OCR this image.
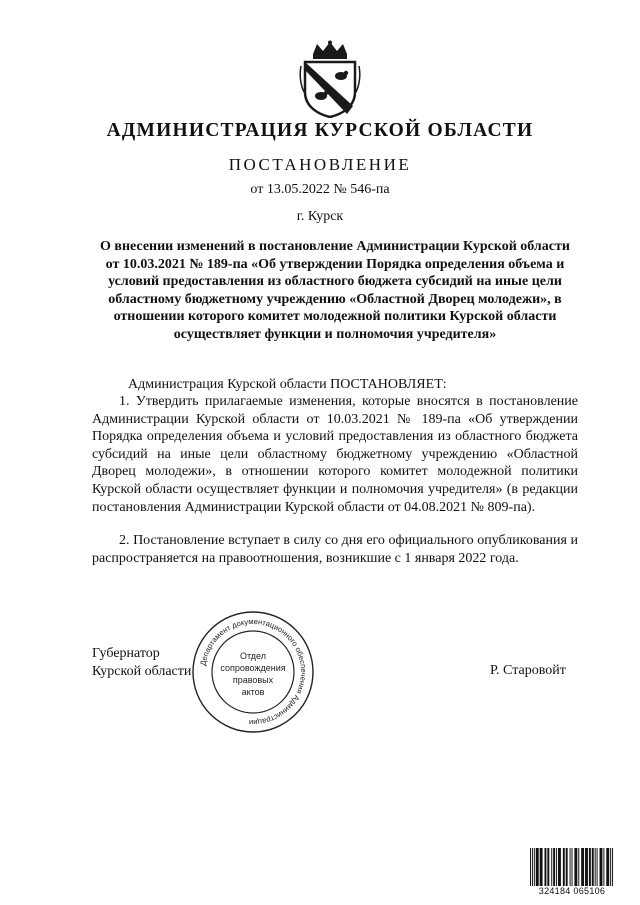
АДМИНИСТРАЦИЯ КУРСКОЙ ОБЛАСТИ
ПОСТАНОВЛЕНИЕ
от 13.05.2022 № 546-па
г. Курск
О внесении изменений в постановление Администрации Курской области от 10.03.2021 № 189-па «Об утверждении Порядка определения объема и условий предоставления из областного бюджета субсидий на иные цели областному бюджетному учреждению «Областной Дворец молодежи», в отношении которого комитет молодежной политики Курской области осуществляет функции и полномочия учредителя»
Администрация Курской области ПОСТАНОВЛЯЕТ:
1. Утвердить прилагаемые изменения, которые вносятся в постановление Администрации Курской области от 10.03.2021 № 189-па «Об утверждении Порядка определения объема и условий предоставления из областного бюджета субсидий на иные цели областному бюджетному учреждению «Областной Дворец молодежи», в отношении которого комитет молодежной политики Курской области осуществляет функции и полномочия учредителя» (в редакции постановления Администрации Курской области от 04.08.2021 № 809-па).
2. Постановление вступает в силу со дня его официального опубликования и распространяется на правоотношения, возникшие с 1 января 2022 года.
Губернатор
Курской области	Р. Старовойт
Департамент документационного обеспечения Администрации
Отдел
сопровождения
правовых
актов
324184 065106
